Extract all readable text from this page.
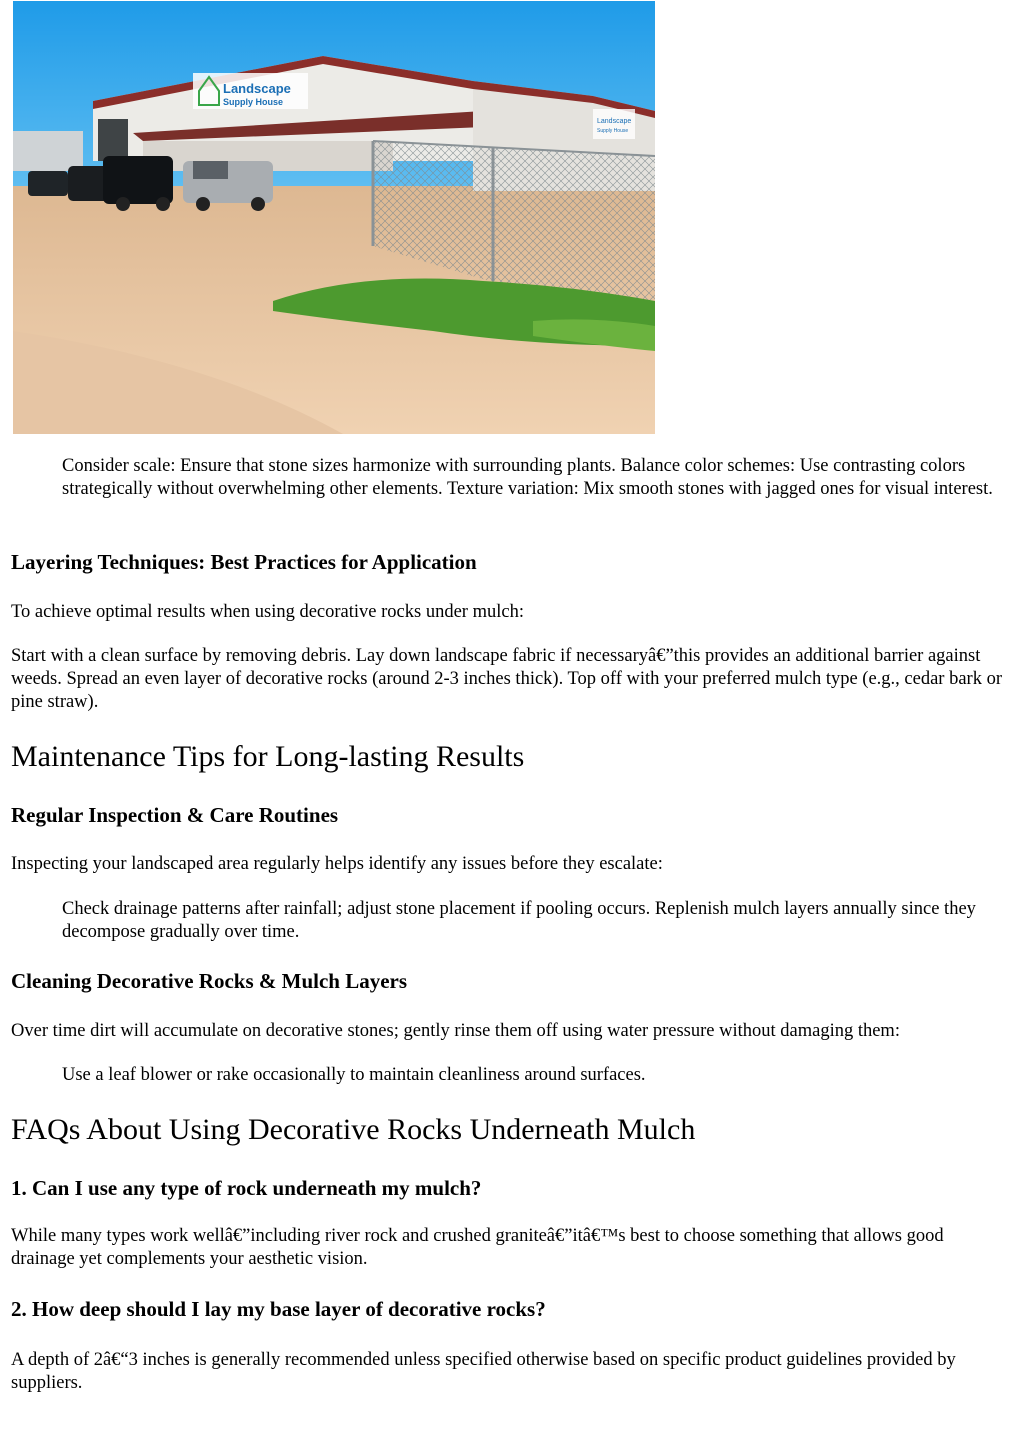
Landscape
Supply House
Landscape
Supply House
Consider scale: Ensure that stone sizes harmonize with surrounding plants. Balance color schemes: Use contrasting colors strategically without overwhelming other elements. Texture variation: Mix smooth stones with jagged ones for visual interest.
Layering Techniques: Best Practices for Application

To achieve optimal results when using decorative rocks under mulch:

Start with a clean surface by removing debris. Lay down landscape fabric if necessaryâ€”this provides an additional barrier against weeds. Spread an even layer of decorative rocks (around 2-3 inches thick). Top off with your preferred mulch type (e.g., cedar bark or pine straw).

Maintenance Tips for Long-lasting Results
Regular Inspection & Care Routines

Inspecting your landscaped area regularly helps identify any issues before they escalate:

Check drainage patterns after rainfall; adjust stone placement if pooling occurs. Replenish mulch layers annually since they decompose gradually over time.
Cleaning Decorative Rocks & Mulch Layers

Over time dirt will accumulate on decorative stones; gently rinse them off using water pressure without damaging them:

Use a leaf blower or rake occasionally to maintain cleanliness around surfaces.
FAQs About Using Decorative Rocks Underneath Mulch
1. Can I use any type of rock underneath my mulch?

While many types work wellâ€”including river rock and crushed graniteâ€”itâ€™s best to choose something that allows good drainage yet complements your aesthetic vision.

2. How deep should I lay my base layer of decorative rocks?

A depth of 2â€“3 inches is generally recommended unless specified otherwise based on specific product guidelines provided by suppliers.
